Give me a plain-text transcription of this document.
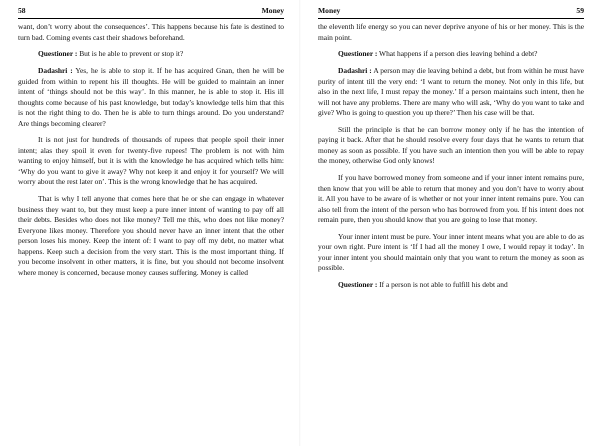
58	Money

want, don’t worry about the consequences’. This happens because his fate is destined to turn bad. Coming events cast their shadows beforehand.

Questioner : But is he able to prevent or stop it?

Dadashri : Yes, he is able to stop it. If he has acquired Gnan, then he will be guided from within to repent his ill thoughts. He will be guided to maintain an inner intent of ‘things should not be this way’. In this manner, he is able to stop it. His ill thoughts come because of his past knowledge, but today’s knowledge tells him that this is not the right thing to do. Then he is able to turn things around. Do you understand? Are things becoming clearer?

It is not just for hundreds of thousands of rupees that people spoil their inner intent; alas they spoil it even for twenty-five rupees! The problem is not with him wanting to enjoy himself, but it is with the knowledge he has acquired which tells him: ‘Why do you want to give it away? Why not keep it and enjoy it for yourself? We will worry about the rest later on’. This is the wrong knowledge that he has acquired.

That is why I tell anyone that comes here that he or she can engage in whatever business they want to, but they must keep a pure inner intent of wanting to pay off all their debts. Besides who does not like money? Tell me this, who does not like money? Everyone likes money. Therefore you should never have an inner intent that the other person loses his money. Keep the intent of: I want to pay off my debt, no matter what happens. Keep such a decision from the very start. This is the most important thing. If you become insolvent in other matters, it is fine, but you should not become insolvent where money is concerned, because money causes suffering. Money is called

Money	59

the eleventh life energy so you can never deprive anyone of his or her money. This is the main point.

Questioner : What happens if a person dies leaving behind a debt?

Dadashri : A person may die leaving behind a debt, but from within he must have purity of intent till the very end: ‘I want to return the money. Not only in this life, but also in the next life, I must repay the money.’ If a person maintains such intent, then he will not have any problems. There are many who will ask, ‘Why do you want to take and give? Who is going to question you up there?’ Then his case will be that.

Still the principle is that he can borrow money only if he has the intention of paying it back. After that he should resolve every four days that he wants to return that money as soon as possible. If you have such an intention then you will be able to repay the money, otherwise God only knows!

If you have borrowed money from someone and if your inner intent remains pure, then know that you will be able to return that money and you don’t have to worry about it. All you have to be aware of is whether or not your inner intent remains pure. You can also tell from the intent of the person who has borrowed from you. If his intent does not remain pure, then you should know that you are going to lose that money.

Your inner intent must be pure. Your inner intent means what you are able to do as your own right. Pure intent is ‘If I had all the money I owe, I would repay it today’. In your inner intent you should maintain only that you want to return the money as soon as possible.

Questioner : If a person is not able to fulfill his debt and
